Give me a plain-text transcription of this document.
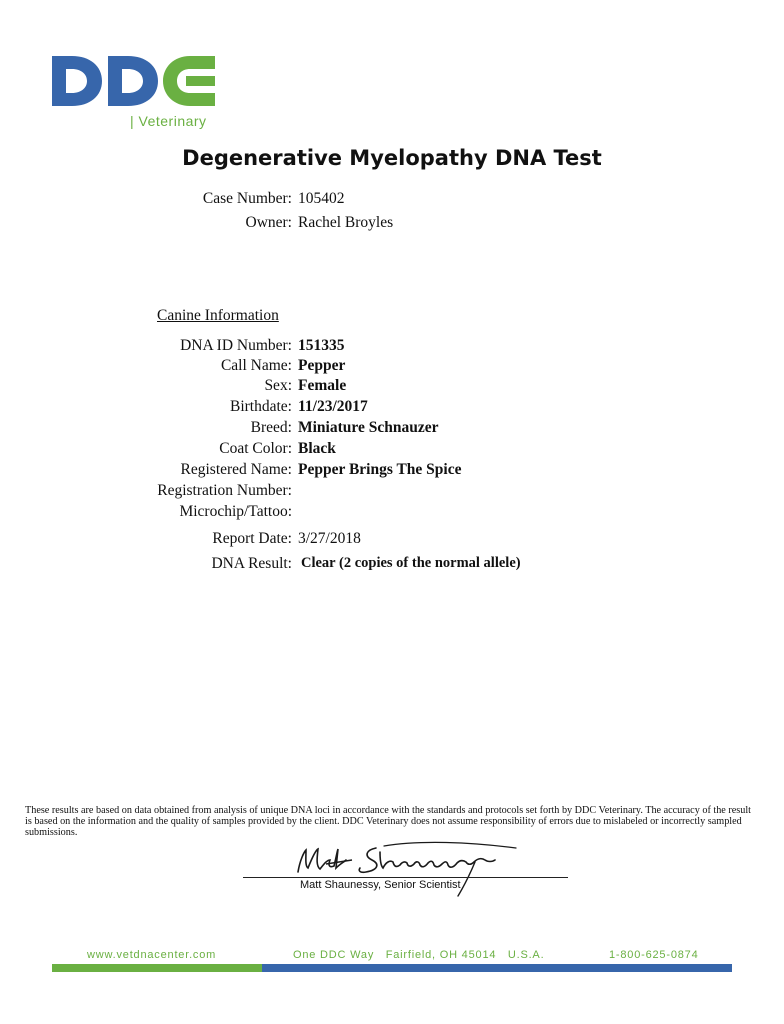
| Veterinary
Degenerative Myelopathy DNA Test
Case Number: 105402
Owner: Rachel Broyles
Canine Information
DNA ID Number: 151335
Call Name: Pepper
Sex: Female
Birthdate: 11/23/2017
Breed: Miniature Schnauzer
Coat Color: Black
Registered Name: Pepper Brings The Spice
Registration Number:
Microchip/Tattoo:
Report Date: 3/27/2018
DNA Result: Clear (2 copies of the normal allele)
These results are based on data obtained from analysis of unique DNA loci in accordance with the standards and protocols set forth by DDC Veterinary. The accuracy of the result is based on the information and the quality of samples provided by the client. DDC Veterinary does not assume responsibility of errors due to mislabeled or incorrectly sampled submissions.
Matt Shaunessy, Senior Scientist
www.vetdnacenter.com	One DDC Way   Fairfield, OH 45014   U.S.A.	1-800-625-0874
